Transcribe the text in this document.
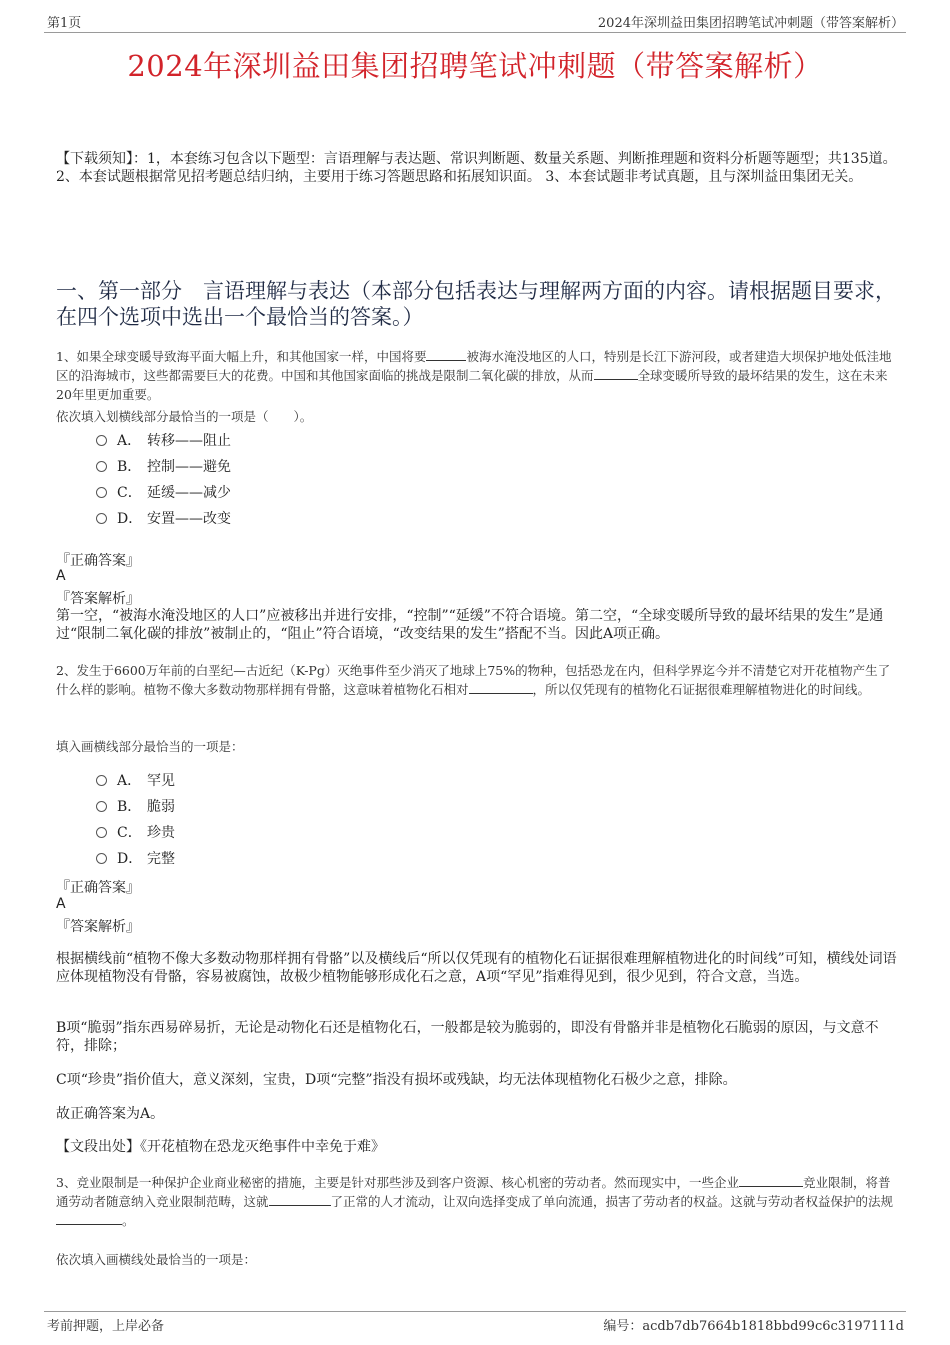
第1页	2024年深圳益田集团招聘笔试冲刺题（带答案解析）
2024年深圳益田集团招聘笔试冲刺题（带答案解析）
【下载须知】：1，本套练习包含以下题型：言语理解与表达题、常识判断题、数量关系题、判断推理题和资料分析题等题型；共135道。 2、本套试题根据常见招考题总结归纳，主要用于练习答题思路和拓展知识面。 3、本套试题非考试真题，且与深圳益田集团无关。
一、第一部分　言语理解与表达（本部分包括表达与理解两方面的内容。请根据题目要求，在四个选项中选出一个最恰当的答案。）
1、如果全球变暖导致海平面大幅上升，和其他国家一样，中国将要	被海水淹没地区的人口，特别是长江下游河段，或者建造大坝保护地处低洼地区的沿海城市，这些都需要巨大的花费。中国和其他国家面临的挑战是限制二氧化碳的排放，从而	全球变暖所导致的最坏结果的发生，这在未来20年里更加重要。
依次填入划横线部分最恰当的一项是（　　）。
A． 转移——阻止
B． 控制——避免
C． 延缓——减少
D． 安置——改变
『正确答案』
A
『答案解析』
第一空，“被海水淹没地区的人口”应被移出并进行安排，“控制”“延缓”不符合语境。第二空，“全球变暖所导致的最坏结果的发生”是通过“限制二氧化碳的排放”被制止的，“阻止”符合语境，“改变结果的发生”搭配不当。因此A项正确。
2、发生于6600万年前的白垩纪—古近纪（K-Pg）灭绝事件至少消灭了地球上75%的物种，包括恐龙在内，但科学界迄今并不清楚它对开花植物产生了什么样的影响。植物不像大多数动物那样拥有骨骼，这意味着植物化石相对	，所以仅凭现有的植物化石证据很难理解植物进化的时间线。
填入画横线部分最恰当的一项是：
A． 罕见
B． 脆弱
C． 珍贵
D． 完整
『正确答案』
A
『答案解析』
根据横线前“植物不像大多数动物那样拥有骨骼”以及横线后“所以仅凭现有的植物化石证据很难理解植物进化的时间线”可知，横线处词语应体现植物没有骨骼，容易被腐蚀，故极少植物能够形成化石之意，A项“罕见”指难得见到，很少见到，符合文意，当选。
B项“脆弱”指东西易碎易折，无论是动物化石还是植物化石，一般都是较为脆弱的，即没有骨骼并非是植物化石脆弱的原因，与文意不符，排除；
C项“珍贵”指价值大，意义深刻，宝贵，D项“完整”指没有损坏或残缺，均无法体现植物化石极少之意，排除。
故正确答案为A。
【文段出处】《开花植物在恐龙灭绝事件中幸免于难》
3、竞业限制是一种保护企业商业秘密的措施，主要是针对那些涉及到客户资源、核心机密的劳动者。然而现实中，一些企业	竞业限制，将普通劳动者随意纳入竞业限制范畴，这就	了正常的人才流动，让双向选择变成了单向流通，损害了劳动者的权益。这就与劳动者权益保护的法规。
依次填入画横线处最恰当的一项是：
考前押题，上岸必备	编号：acdb7db7664b1818bbd99c6c3197111d
